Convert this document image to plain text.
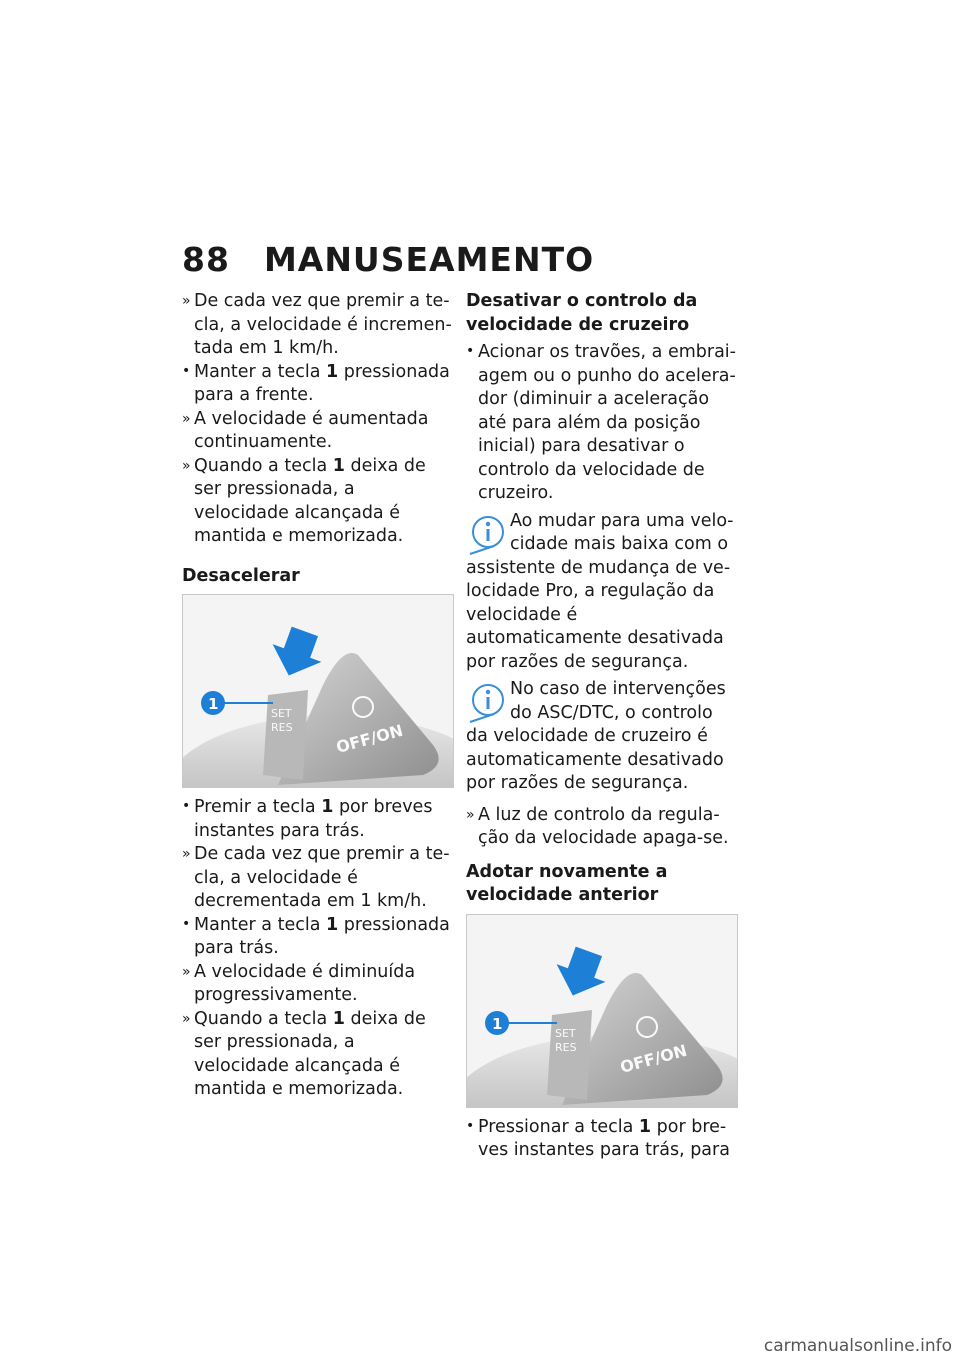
88 MANUSEAMENTO

» De cada vez que premir a tecla, a velocidade é incrementada em 1 km/h.

• Manter a tecla 1 pressionada para a frente.

» A velocidade é aumentada continuamente.

» Quando a tecla 1 deixa de ser pressionada, a velocidade alcançada é mantida e memorizada.

Desacelerar

SET
RES	OFF/ON
1

• Premir a tecla 1 por breves instantes para trás.

» De cada vez que premir a tecla, a velocidade é decrementada em 1 km/h.

• Manter a tecla 1 pressionada para trás.

» A velocidade é diminuída progressivamente.

» Quando a tecla 1 deixa de ser pressionada, a velocidade alcançada é mantida e memorizada.

Desativar o controlo da velocidade de cruzeiro

• Acionar os travões, a embraiagem ou o punho do acelerador (diminuir a aceleração até para além da posição inicial) para desativar o controlo da velocidade de cruzeiro.

Ao mudar para uma velocidade mais baixa com o assistente de mudança de velocidade Pro, a regulação da velocidade é automaticamente desativada por razões de segurança.
No caso de intervenções do ASC/DTC, o controlo da velocidade de cruzeiro é automaticamente desativado por razões de segurança.

» A luz de controlo da regulação da velocidade apaga-se.

Adotar novamente a velocidade anterior

SET
RES	OFF/ON
1

• Pressionar a tecla 1 por breves instantes para trás, para

carmanualsonline.info
